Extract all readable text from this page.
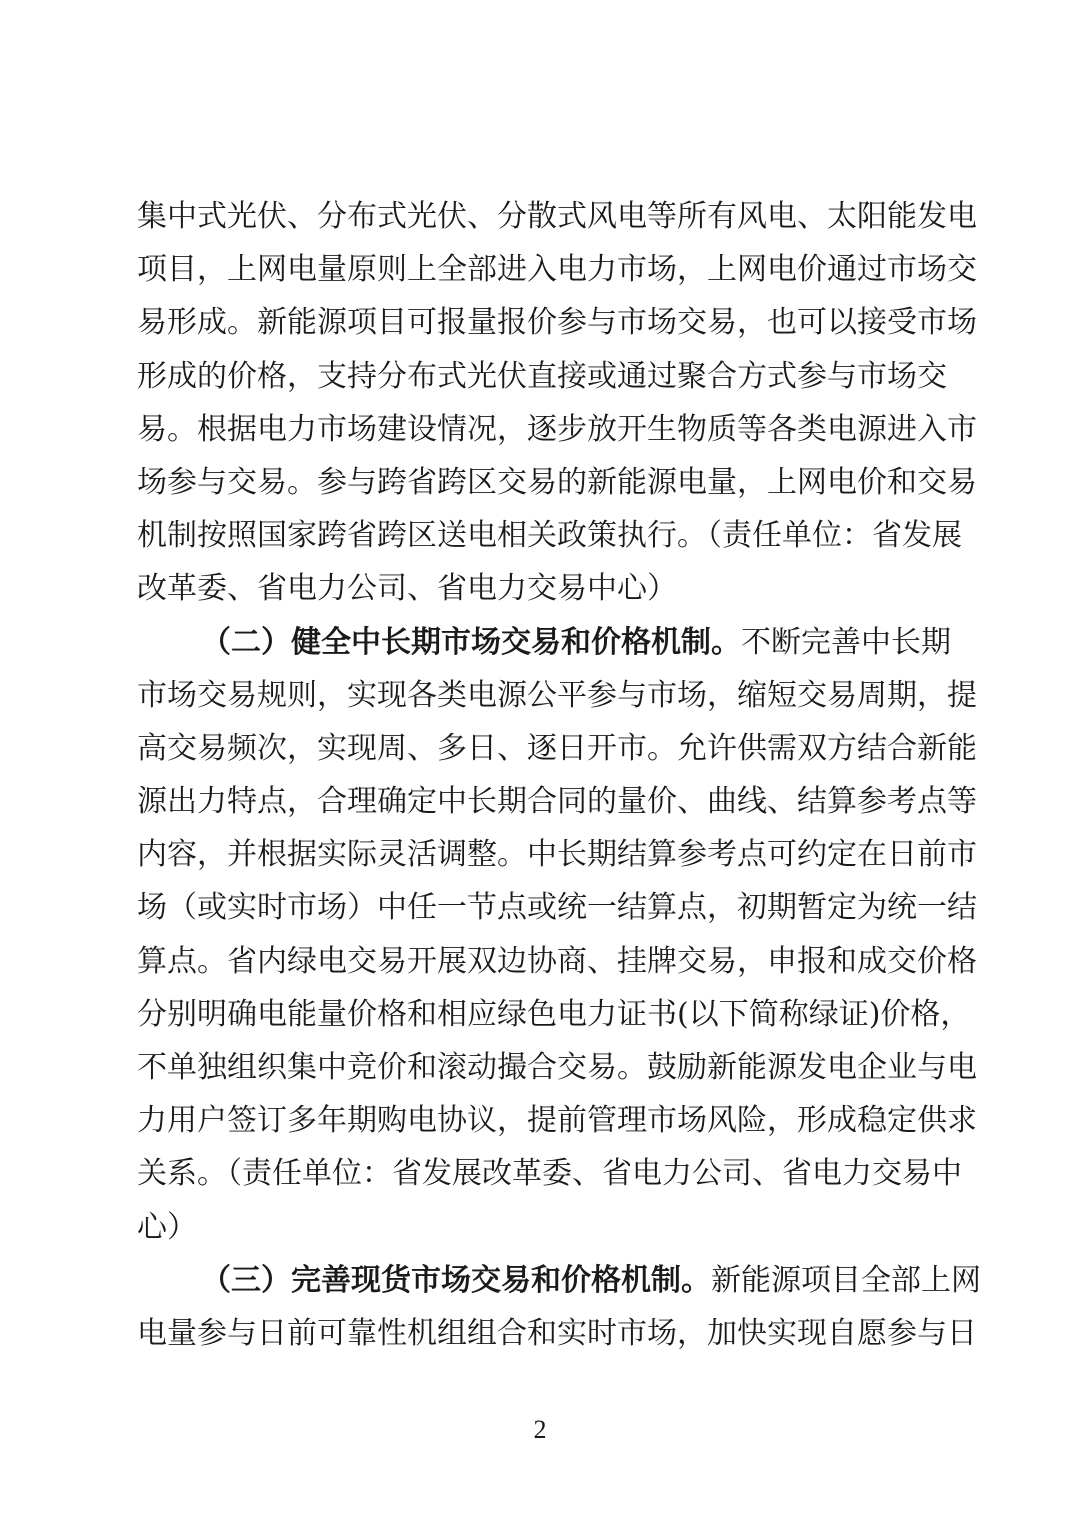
集中式光伏、分布式光伏、分散式风电等所有风电、太阳能发电
项目，上网电量原则上全部进入电力市场，上网电价通过市场交
易形成。新能源项目可报量报价参与市场交易，也可以接受市场
形成的价格，支持分布式光伏直接或通过聚合方式参与市场交
易。根据电力市场建设情况，逐步放开生物质等各类电源进入市
场参与交易。参与跨省跨区交易的新能源电量，上网电价和交易
机制按照国家跨省跨区送电相关政策执行。（责任单位：省发展
改革委、省电力公司、省电力交易中心）
（二）健全中长期市场交易和价格机制。不断完善中长期
市场交易规则，实现各类电源公平参与市场，缩短交易周期，提
高交易频次，实现周、多日、逐日开市。允许供需双方结合新能
源出力特点，合理确定中长期合同的量价、曲线、结算参考点等
内容，并根据实际灵活调整。中长期结算参考点可约定在日前市
场（或实时市场）中任一节点或统一结算点，初期暂定为统一结
算点。省内绿电交易开展双边协商、挂牌交易，申报和成交价格
分别明确电能量价格和相应绿色电力证书(以下简称绿证)价格，
不单独组织集中竞价和滚动撮合交易。鼓励新能源发电企业与电
力用户签订多年期购电协议，提前管理市场风险，形成稳定供求
关系。（责任单位：省发展改革委、省电力公司、省电力交易中
心）
（三）完善现货市场交易和价格机制。新能源项目全部上网
电量参与日前可靠性机组组合和实时市场，加快实现自愿参与日
2
